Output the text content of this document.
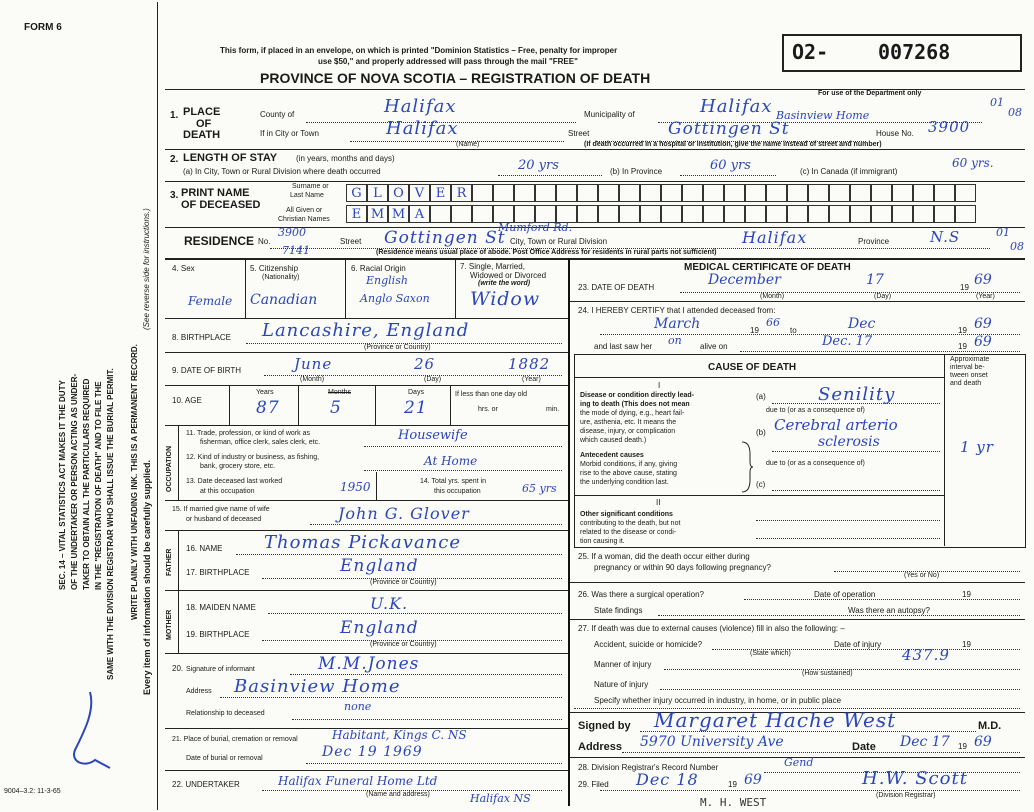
FORM 6
SEC. 14 – VITAL STATISTICS ACT MAKES IT THE DUTY OF THE UNDERTAKER OR PERSON ACTING AS UNDER- TAKER TO OBTAIN ALL THE PARTICULARS REQUIRED IN THE "REGISTRATION OF DEATH" AND TO FILE THE SAME WITH THE DIVISION REGISTRAR WHO SHALL ISSUE THE BURIAL PERMIT. WRITE PLAINLY WITH UNFADING INK. THIS IS A PERMANENT RECORD.
(See reverse side for instructions.)
Every item of information should be carefully supplied.
9004–3.2: 11-3-65
This form, if placed in an envelope, on which is printed "Dominion Statistics – Free, penalty for improper
use $50," and properly addressed will pass through the mail "FREE"
PROVINCE OF NOVA SCOTIA – REGISTRATION OF DEATH
O2- 007268
For use of the Department only
01
08
1. PLACE
OF
DEATH
County of	Halifax	Municipality of	Halifax
If in City or Town	Halifax
(Name)
Street
Basinview Home
Gottingen St	House No. 3900
(If death occurred in a hospital or institution, give the name instead of street and number)
2. LENGTH OF STAY (in years, months and days)
(a) In City, Town or Rural Division where death occurred	20 yrs	(b) In Province	60 yrs	(c) In Canada (if immigrant)
60 yrs.
3. PRINT NAME
OF DECEASED
Surname or
Last Name
All Given or
Christian Names
G L O V E R
E M M A
RESIDENCE No.
3900
7141
Street
Mumford Rd.
Gottingen St City, Town or Rural Division	Halifax	Province	N.S	01
08
(Residence means usual place of abode. Post Office Address for residents in rural parts not sufficient)
4. Sex
Female
5. Citizenship
(Nationality)
Canadian
6. Racial Origin
English
Anglo Saxon
7. Single, Married,
Widowed or Divorced
(write the word)
Widow
8. BIRTHPLACE Lancashire, England
(Province or Country)
9. DATE OF BIRTH	June	26	1882
(Month)	(Day)	(Year)
10. AGE
Years	Months	Days
87	5	21
If less than one day old
hrs. or	min.
OCCUPATION
11. Trade, profession, or kind of work as
fisherman, office clerk, sales clerk, etc.	Housewife
12. Kind of industry or business, as fishing,
bank, grocery store, etc.	At Home
13. Date deceased last worked
at this occupation	1950	14. Total yrs. spent in
this occupation	65 yrs
15. If married give name of wife
or husband of deceased	John G. Glover
FATHER
16. NAME Thomas Pickavance
17. BIRTHPLACE	England
(Province or Country)
MOTHER
18. MAIDEN NAME	U.K.
19. BIRTHPLACE	England
(Province or Country)
20. Signature of informant	M.M.Jones
Address Basinview Home
Relationship to deceased
none
21. Place of burial, cremation or removal	Habitant, Kings C. NS
Date of burial or removal	Dec 19 1969
22. UNDERTAKER	Halifax Funeral Home Ltd
(Name and address)	Halifax NS
MEDICAL CERTIFICATE OF DEATH
23. DATE OF DEATH	December	17	19 69
(Month)	(Day)	(Year)
24. I HEREBY CERTIFY that I attended deceased from:
March	19
66
to	Dec	19 69
and last saw her on alive on	Dec. 17	19 69
CAUSE OF DEATH
Approximate
interval be-
tween onset
and death
I
Disease or condition directly lead-
ing to death (This does not mean
the mode of dying, e.g., heart fail-
ure, asthenia, etc. It means the
disease, injury, or complication
which caused death.)
Antecedent causes
Morbid conditions, if any, giving
rise to the above cause, stating
the underlying condition last.
(a)	Senility
due to (or as a consequence of)
(b) Cerebral arterio
sclerosis	1 yr
due to (or as a consequence of)
(c)
II
Other significant conditions
contributing to the death, but not
related to the disease or condi-
tion causing it.
25. If a woman, did the death occur either during
pregnancy or within 90 days following pregnancy?
(Yes or No)
26. Was there a surgical operation?	Date of operation	19
State findings	Was there an autopsy?
27. If death was due to external causes (violence) fill in also the following: –
Accident, suicide or homicide?	Date of injury	19
(State which)	437.9
Manner of injury
(How sustained)
Nature of injury
Specify whether injury occurred in industry, in home, or in public place
Signed by Margaret Hache West	M.D.
Address 5970 University Ave	Date Dec 17 19 69
28. Division Registrar's Record Number	Gend
29. Filed Dec 18	19 69	H.W. Scott
(Division Registrar)
M. H. WEST
